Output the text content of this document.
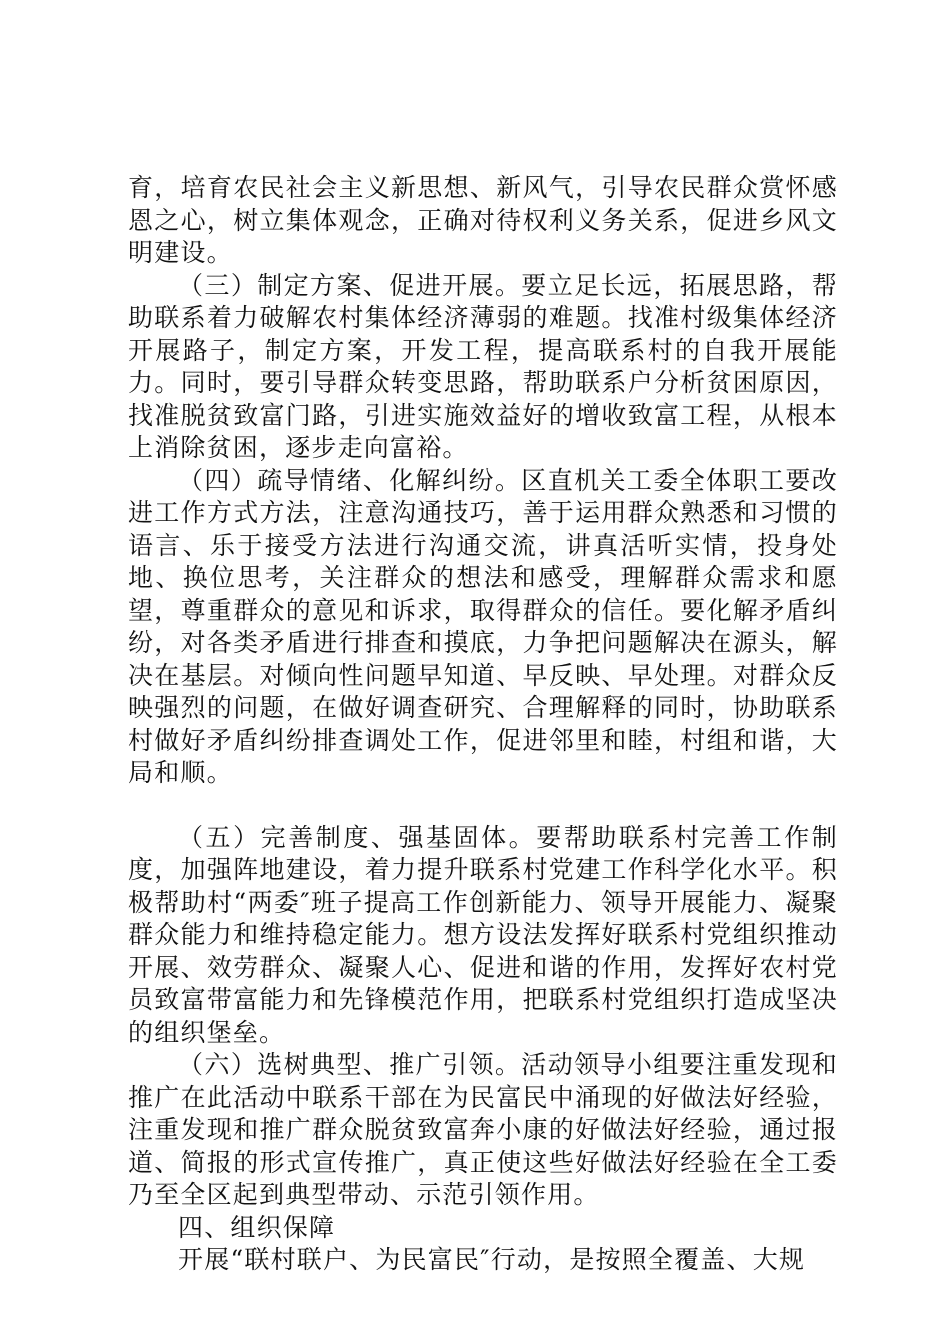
育，培育农民社会主义新思想、新风气，引导农民群众赏怀感恩之心，树立集体观念，正确对待权利义务关系，促进乡风文明建设。

（三）制定方案、促进开展。要立足长远，拓展思路，帮助联系着力破解农村集体经济薄弱的难题。找准村级集体经济开展路子，制定方案，开发工程，提高联系村的自我开展能力。同时，要引导群众转变思路，帮助联系户分析贫困原因，找准脱贫致富门路，引进实施效益好的增收致富工程，从根本上消除贫困，逐步走向富裕。

（四）疏导情绪、化解纠纷。区直机关工委全体职工要改进工作方式方法，注意沟通技巧，善于运用群众熟悉和习惯的语言、乐于接受方法进行沟通交流，讲真活听实情，投身处地、换位思考，关注群众的想法和感受，理解群众需求和愿望，尊重群众的意见和诉求，取得群众的信任。要化解矛盾纠纷，对各类矛盾进行排查和摸底，力争把问题解决在源头，解决在基层。对倾向性问题早知道、早反映、早处理。对群众反映强烈的问题，在做好调查研究、合理解释的同时，协助联系村做好矛盾纠纷排查调处工作，促进邻里和睦，村组和谐，大局和顺。

（五）完善制度、强基固体。要帮助联系村完善工作制度，加强阵地建设，着力提升联系村党建工作科学化水平。积极帮助村“两委″班子提高工作创新能力、领导开展能力、凝聚群众能力和维持稳定能力。想方设法发挥好联系村党组织推动开展、效劳群众、凝聚人心、促进和谐的作用，发挥好农村党员致富带富能力和先锋模范作用，把联系村党组织打造成坚决的组织堡垒。

（六）选树典型、推广引领。活动领导小组要注重发现和推广在此活动中联系干部在为民富民中涌现的好做法好经验，注重发现和推广群众脱贫致富奔小康的好做法好经验，通过报道、简报的形式宣传推广，真正使这些好做法好经验在全工委乃至全区起到典型带动、示范引领作用。

四、组织保障

开展“联村联户、为民富民″行动，是按照全覆盖、大规
